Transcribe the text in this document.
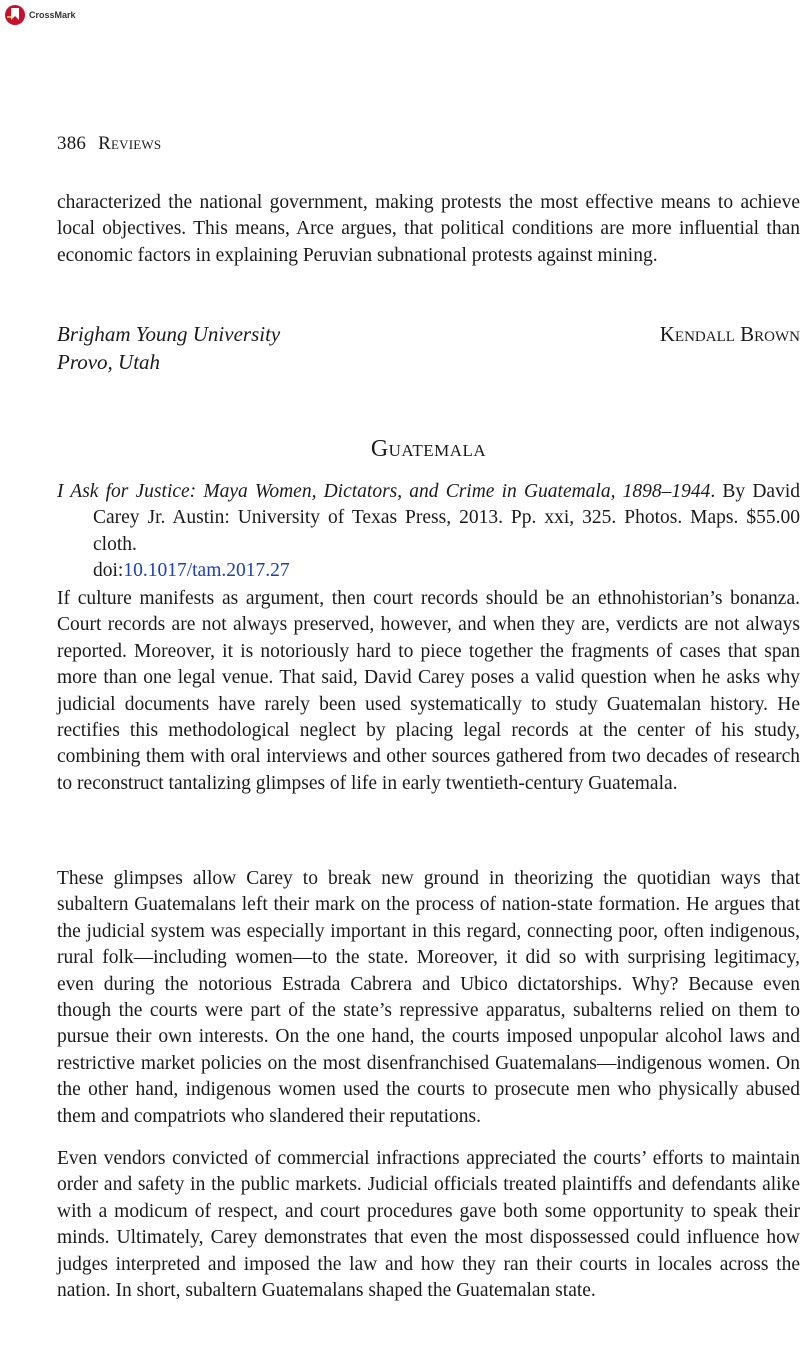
CrossMark
386 Reviews
characterized the national government, making protests the most effective means to achieve local objectives. This means, Arce argues, that political conditions are more influential than economic factors in explaining Peruvian subnational protests against mining.
Brigham Young University
Provo, Utah
Kendall Brown
Guatemala
I Ask for Justice: Maya Women, Dictators, and Crime in Guatemala, 1898–1944. By David Carey Jr. Austin: University of Texas Press, 2013. Pp. xxi, 325. Photos. Maps. $55.00 cloth.
doi:10.1017/tam.2017.27
If culture manifests as argument, then court records should be an ethnohistorian’s bonanza. Court records are not always preserved, however, and when they are, verdicts are not always reported. Moreover, it is notoriously hard to piece together the fragments of cases that span more than one legal venue. That said, David Carey poses a valid question when he asks why judicial documents have rarely been used systematically to study Guatemalan history. He rectifies this methodological neglect by placing legal records at the center of his study, combining them with oral interviews and other sources gathered from two decades of research to reconstruct tantalizing glimpses of life in early twentieth-century Guatemala.
These glimpses allow Carey to break new ground in theorizing the quotidian ways that subaltern Guatemalans left their mark on the process of nation-state formation. He argues that the judicial system was especially important in this regard, connecting poor, often indigenous, rural folk—including women—to the state. Moreover, it did so with surprising legitimacy, even during the notorious Estrada Cabrera and Ubico dictatorships. Why? Because even though the courts were part of the state’s repressive apparatus, subalterns relied on them to pursue their own interests. On the one hand, the courts imposed unpopular alcohol laws and restrictive market policies on the most disenfranchised Guatemalans—indigenous women. On the other hand, indigenous women used the courts to prosecute men who physically abused them and compatriots who slandered their reputations.
Even vendors convicted of commercial infractions appreciated the courts’ efforts to maintain order and safety in the public markets. Judicial officials treated plaintiffs and defendants alike with a modicum of respect, and court procedures gave both some opportunity to speak their minds. Ultimately, Carey demonstrates that even the most dispossessed could influence how judges interpreted and imposed the law and how they ran their courts in locales across the nation. In short, subaltern Guatemalans shaped the Guatemalan state.
